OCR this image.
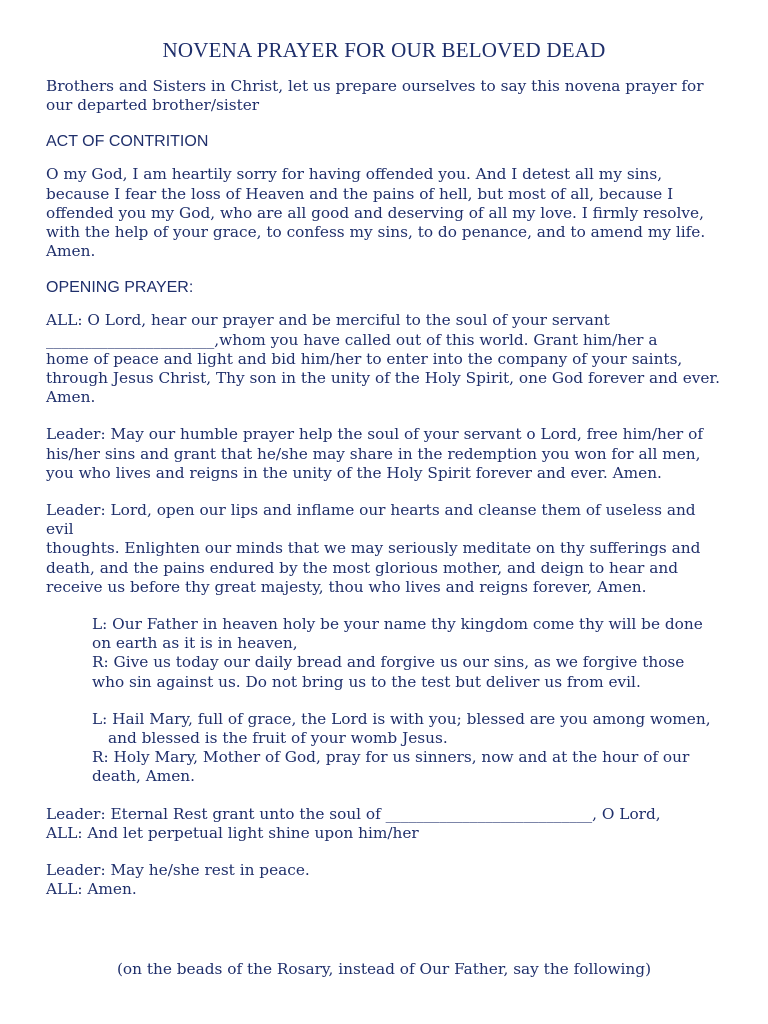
NOVENA PRAYER FOR OUR BELOVED DEAD
Brothers and Sisters in Christ, let us prepare ourselves to say this novena prayer for
our departed brother/sister
ACT OF CONTRITION
O my God, I am heartily sorry for having offended you. And I detest all my sins,
because I fear the loss of Heaven and the pains of hell, but most of all, because I
offended you my God, who are all good and deserving of all my love. I firmly resolve,
with the help of your grace, to confess my sins, to do penance, and to amend my life.
Amen.
OPENING PRAYER:
ALL: O Lord, hear our prayer and be merciful to the soul of your servant
______________________,whom you have called out of this world. Grant him/her a
home of peace and light and bid him/her to enter into the company of your saints,
through Jesus Christ, Thy son in the unity of the Holy Spirit, one God forever and ever.
Amen.
Leader: May our humble prayer help the soul of your servant o Lord, free him/her of
his/her sins and grant that he/she may share in the redemption you won for all men,
you who lives and reigns in the unity of the Holy Spirit forever and ever. Amen.
Leader: Lord, open our lips and inflame our hearts and cleanse them of useless and evil
thoughts. Enlighten our minds that we may seriously meditate on thy sufferings and
death, and the pains endured by the most glorious mother, and deign to hear and
receive us before thy great majesty, thou who lives and reigns forever, Amen.
L: Our Father in heaven holy be your name thy kingdom come thy will be done
on earth as it is in heaven,
R: Give us today our daily bread and forgive us our sins, as we forgive those
who sin against us. Do not bring us to the test but deliver us from evil.
L: Hail Mary, full of grace, the Lord is with you; blessed are you among women,
and blessed is the fruit of your womb Jesus.
R: Holy Mary, Mother of God, pray for us sinners, now and at the hour of our
death, Amen.
Leader: Eternal Rest grant unto the soul of ___________________________, O Lord,
ALL: And let perpetual light shine upon him/her
Leader: May he/she rest in peace.
ALL: Amen.
(on the beads of the Rosary, instead of Our Father, say the following)
